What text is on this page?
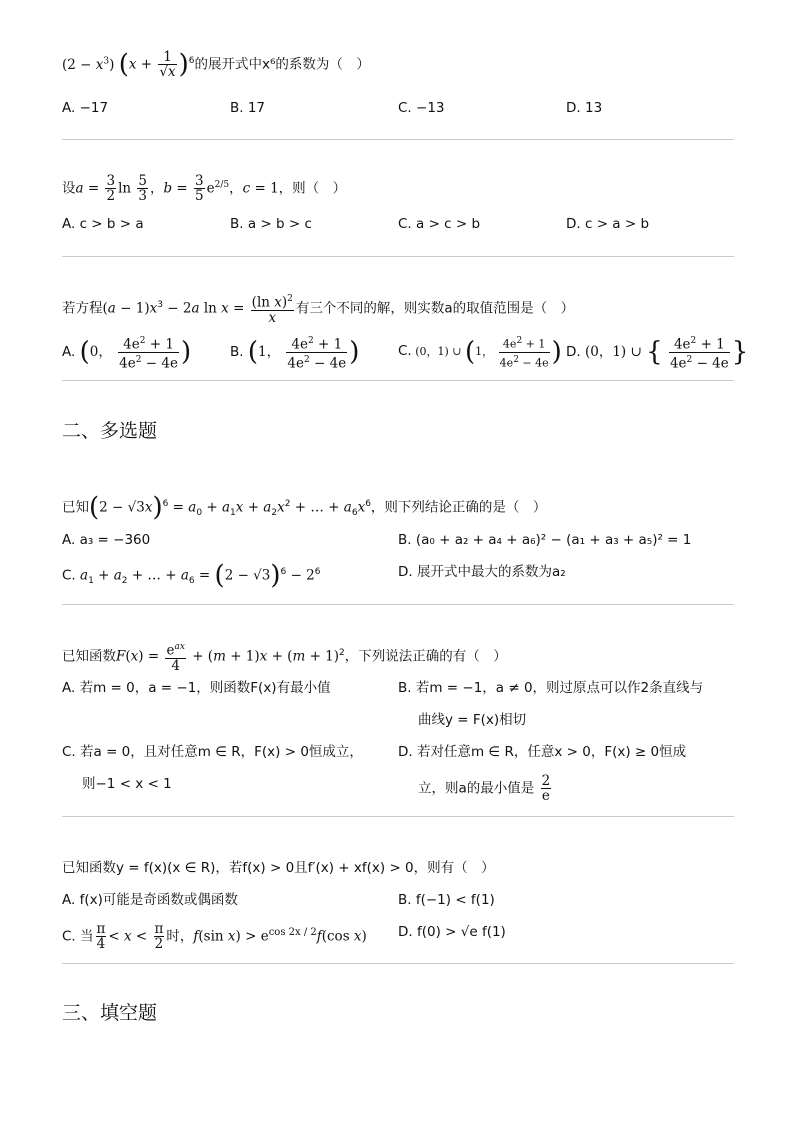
$(2 - x^3)$ $(x + \frac{1}{√x} )^6$的展开式中x⁶的系数为（　）
A. −17	B. 17	C. −13	D. 13
设$a = \frac{3}{2}$ $\ln \frac{5}{3}$ ，$b = \frac{3}{5} e^{2/5}$，c = 1，则（　）
A. c > b > a	B. a > b > c	C. a > c > b	D. c > a > b
若方程$(a - 1)x^3 - 2a$ $\ln x = \frac{(\ln x)^2}{x}$ 有三个不同的解，则实数a的取值范围是（　）
A. (0， $\frac{4e^2 + 1}{4e^2 - 4e}$ )	B. (1， $\frac{4e^2 + 1}{4e^2 - 4e}$ )	C. (0，1) ∪ (1， $\frac{4e^2 + 1}{4e^2 - 4e}$ ) D. (0，1) ∪ { $\frac{4e^2 + 1}{4e^2 - 4e}$ }
二、多选题
已知$(2 - √3x)^6 = a_0 + a_1x + a_2x^2$ + … + $a_6x^6$，则下列结论正确的是（　）
A. a₃ = −360	B. (a₀ + a₂ + a₄ + a₆)² − (a₁ + a₃ + a₅)² = 1
C. $a_1 + a_2$ + … + $a_6 = (2 - √3)^6 - 2^6$	D. 展开式中最大的系数为a₂
已知函数$F(x) = \frac{e^{ax}}{4} + (m + 1)x + (m + 1)^2$，下列说法正确的有（　）
A. 若m = 0，a = −1，则函数F(x)有最小值	B. 若m = −1，a ≠ 0，则过原点可以作2条直线与
曲线y = F(x)相切
C. 若a = 0，且对任意m ∈ R，F(x) > 0恒成立，
则−1 < x < 1
D. 若对任意m ∈ R，任意x > 0，F(x) ≥ 0恒成
立，则a的最小值是 $\frac{2}{e}$
已知函数y = f(x)(x ∈ R)，若f(x) > 0且f′(x) + xf(x) > 0，则有（　）
A. f(x)可能是奇函数或偶函数	B. f(−1) < f(1)
C. 当 $\frac{\pi}{4} < x < \frac{\pi}{2}$ 时，f(sin $x) > e^{cos 2x / 2}f(\cos$ x) D. f(0) > √e f(1)
三、填空题
